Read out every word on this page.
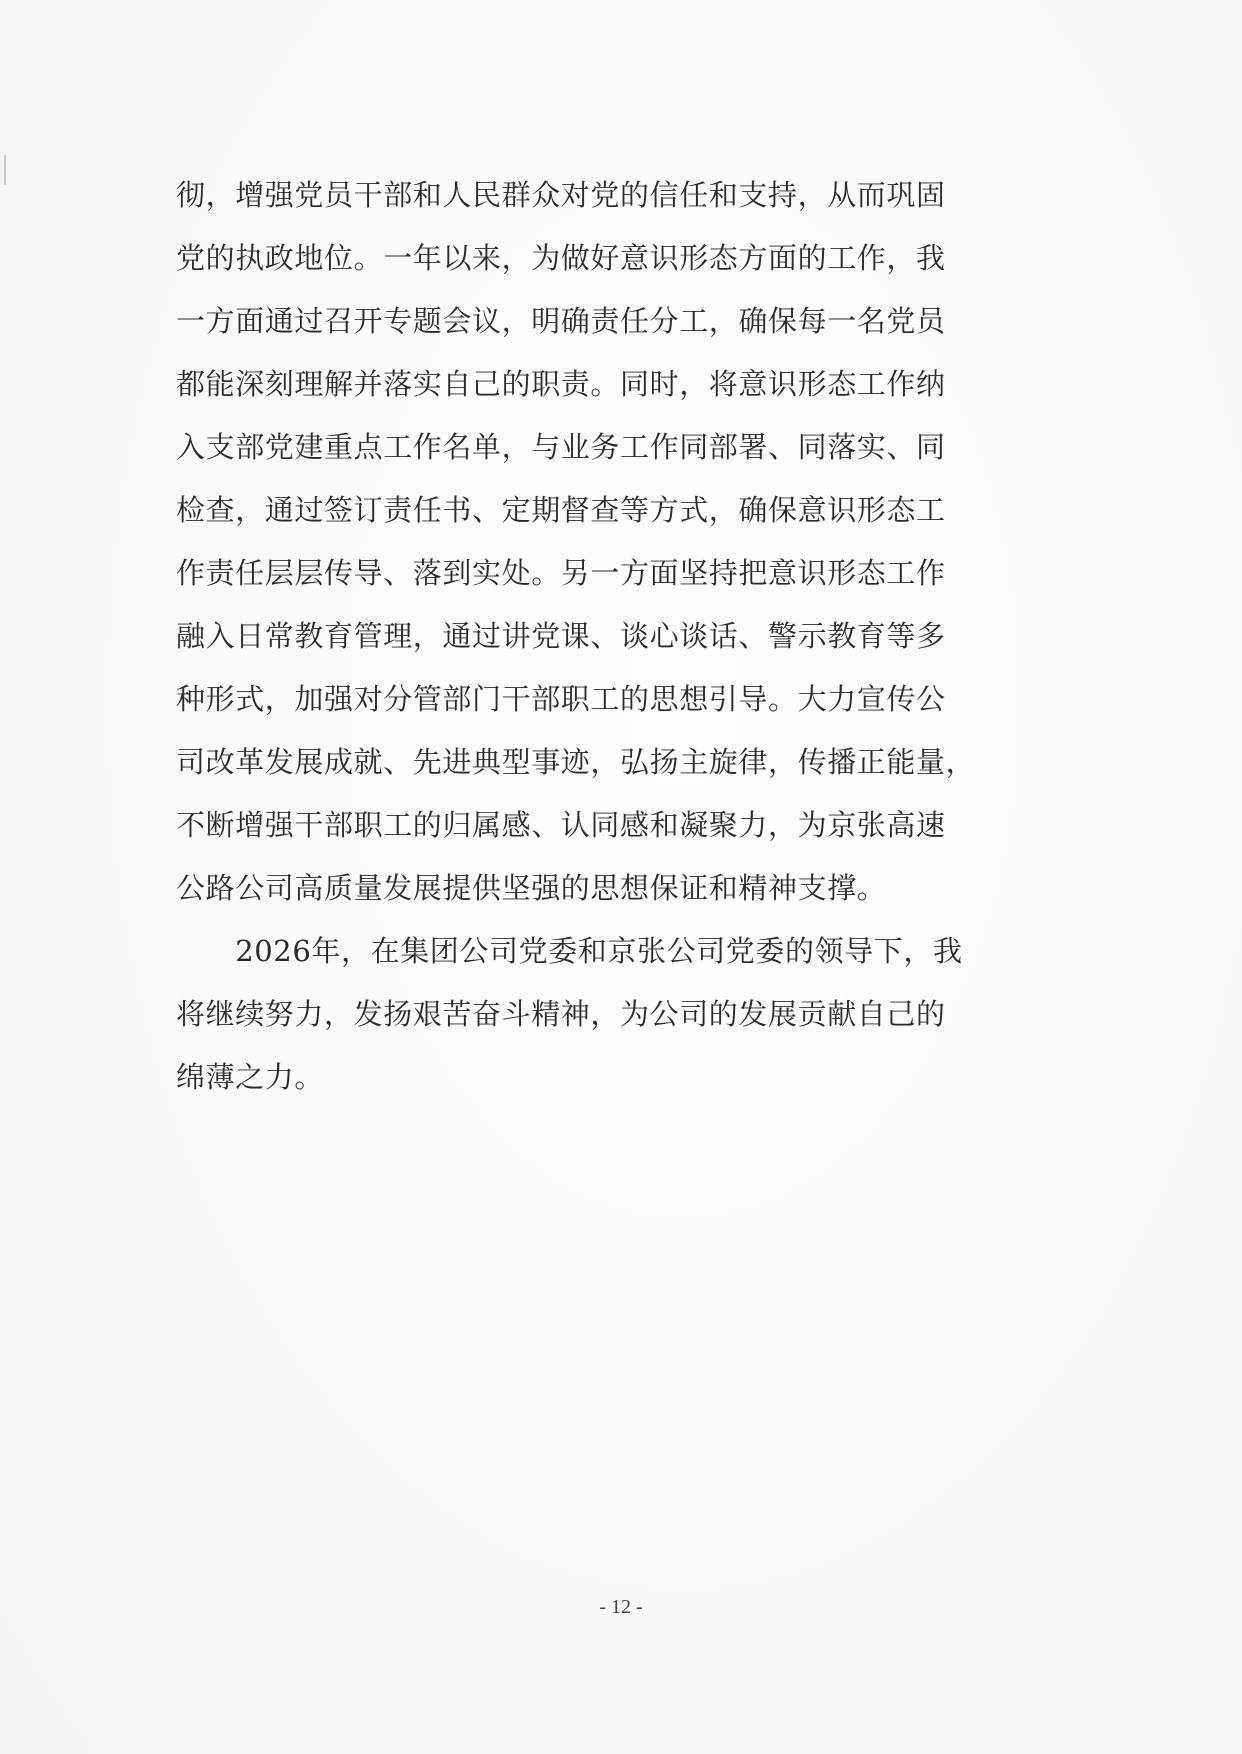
彻，增强党员干部和人民群众对党的信任和支持，从而巩固
党的执政地位。一年以来，为做好意识形态方面的工作，我
一方面通过召开专题会议，明确责任分工，确保每一名党员
都能深刻理解并落实自己的职责。同时，将意识形态工作纳
入支部党建重点工作名单，与业务工作同部署、同落实、同
检查，通过签订责任书、定期督查等方式，确保意识形态工
作责任层层传导、落到实处。另一方面坚持把意识形态工作
融入日常教育管理，通过讲党课、谈心谈话、警示教育等多
种形式，加强对分管部门干部职工的思想引导。大力宣传公
司改革发展成就、先进典型事迹，弘扬主旋律，传播正能量，
不断增强干部职工的归属感、认同感和凝聚力，为京张高速
公路公司高质量发展提供坚强的思想保证和精神支撑。
　　2026年，在集团公司党委和京张公司党委的领导下，我
将继续努力，发扬艰苦奋斗精神，为公司的发展贡献自己的
绵薄之力。
- 12 -
